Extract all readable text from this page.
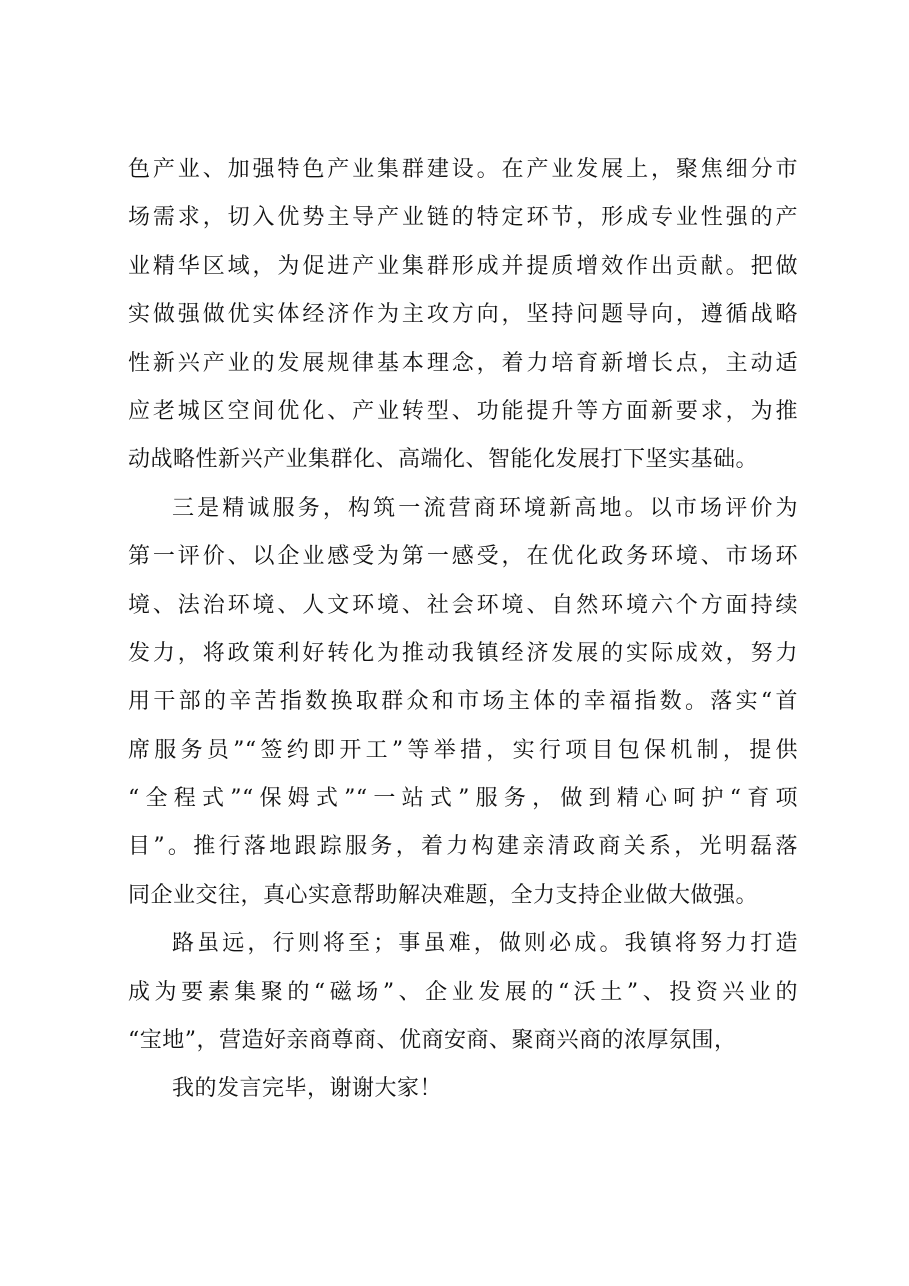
色产业、加强特色产业集群建设。在产业发展上，聚焦细分市
场需求，切入优势主导产业链的特定环节，形成专业性强的产
业精华区域，为促进产业集群形成并提质增效作出贡献。把做
实做强做优实体经济作为主攻方向，坚持问题导向，遵循战略
性新兴产业的发展规律基本理念，着力培育新增长点，主动适
应老城区空间优化、产业转型、功能提升等方面新要求，为推
动战略性新兴产业集群化、高端化、智能化发展打下坚实基础。
三是精诚服务，构筑一流营商环境新高地。以市场评价为
第一评价、以企业感受为第一感受，在优化政务环境、市场环
境、法治环境、人文环境、社会环境、自然环境六个方面持续
发力，将政策利好转化为推动我镇经济发展的实际成效，努力
用干部的辛苦指数换取群众和市场主体的幸福指数。落实“首
席服务员”“签约即开工”等举措，实行项目包保机制，提供
“全程式”“保姆式”“一站式”服务，做到精心呵护“育项
目”。推行落地跟踪服务，着力构建亲清政商关系，光明磊落
同企业交往，真心实意帮助解决难题，全力支持企业做大做强。
路虽远，行则将至；事虽难，做则必成。我镇将努力打造
成为要素集聚的“磁场”、企业发展的“沃土”、投资兴业的
“宝地”，营造好亲商尊商、优商安商、聚商兴商的浓厚氛围，
我的发言完毕，谢谢大家！
